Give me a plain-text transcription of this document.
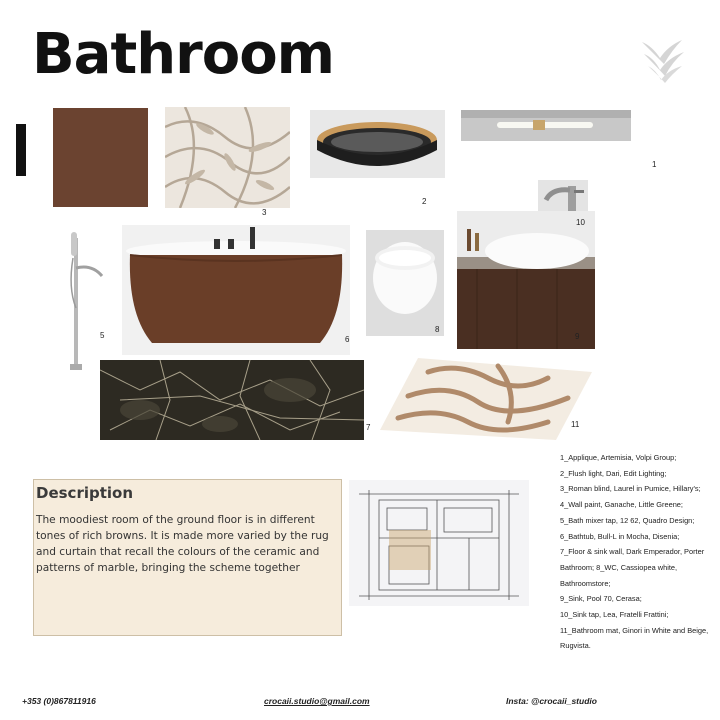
Bathroom
1
2
3
5	6
7
8
9
10
11
Description
The moodiest room of the ground floor is in different tones of rich browns. It is made more varied by the rug and curtain that recall the colours of the ceramic and patterns of marble, bringing the scheme together
1_Applique, Artemisia, Volpi Group;
2_Flush light, Dari, Edit Lighting;
3_Roman blind, Laurel in Pumice, Hillary's;
4_Wall paint, Ganache, Little Greene;
5_Bath mixer tap, 12 62, Quadro Design;
6_Bathtub, Bull-L in Mocha, Disenia;
7_Floor & sink wall, Dark Emperador, Porter Bathroom; 8_WC, Cassiopea white, Bathroomstore;
9_Sink, Pool 70, Cerasa;
10_Sink tap, Lea, Fratelli Frattini;
11_Bathroom mat, Ginori in White and Beige, Rugvista.
+353 (0)867811916	crocaii.studio@gmail.com	Insta: @crocaii_studio
